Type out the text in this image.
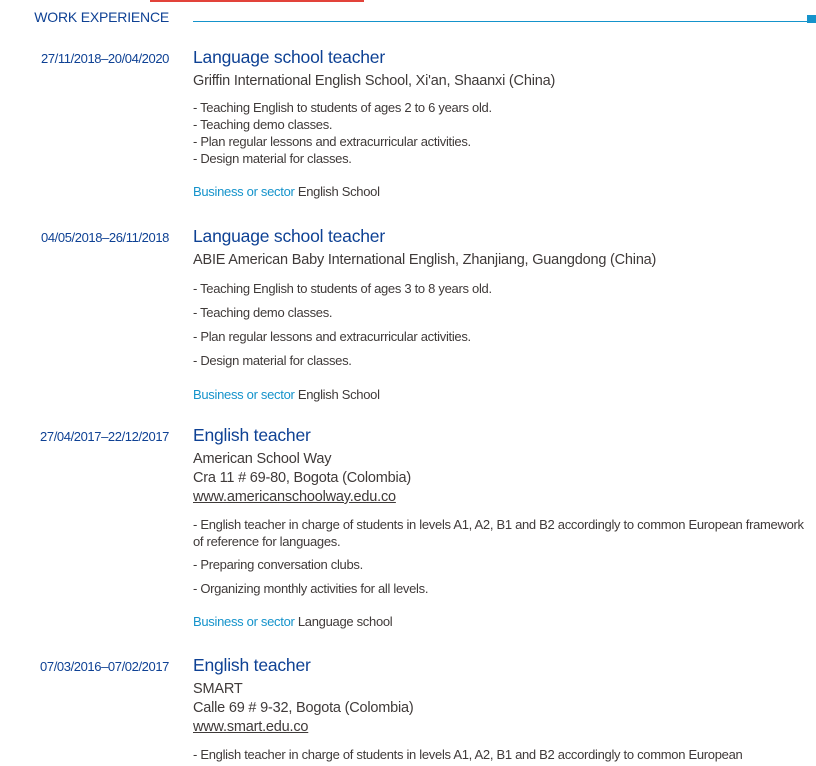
WORK EXPERIENCE
27/11/2018–20/04/2020 Language school teacher

Griffin International English School, Xi'an, Shaanxi (China)

- Teaching English to students of ages 2 to 6 years old.
- Teaching demo classes.
- Plan regular lessons and extracurricular activities.
- Design material for classes.
Business or sector English School
04/05/2018–26/11/2018 Language school teacher

ABIE American Baby International English, Zhanjiang, Guangdong (China)

- Teaching English to students of ages 3 to 8 years old.
- Teaching demo classes.
- Plan regular lessons and extracurricular activities.
- Design material for classes.
Business or sector English School
27/04/2017–22/12/2017 English teacher

American School Way

Cra 11 # 69-80, Bogota (Colombia)

www.americanschoolway.edu.co

- English teacher in charge of students in levels A1, A2, B1 and B2 accordingly to common European framework of reference for languages.
- Preparing conversation clubs.
- Organizing monthly activities for all levels.
Business or sector Language school
07/03/2016–07/02/2017 English teacher

SMART

Calle 69 # 9-32, Bogota (Colombia)

www.smart.edu.co

- English teacher in charge of students in levels A1, A2, B1 and B2 accordingly to common European
